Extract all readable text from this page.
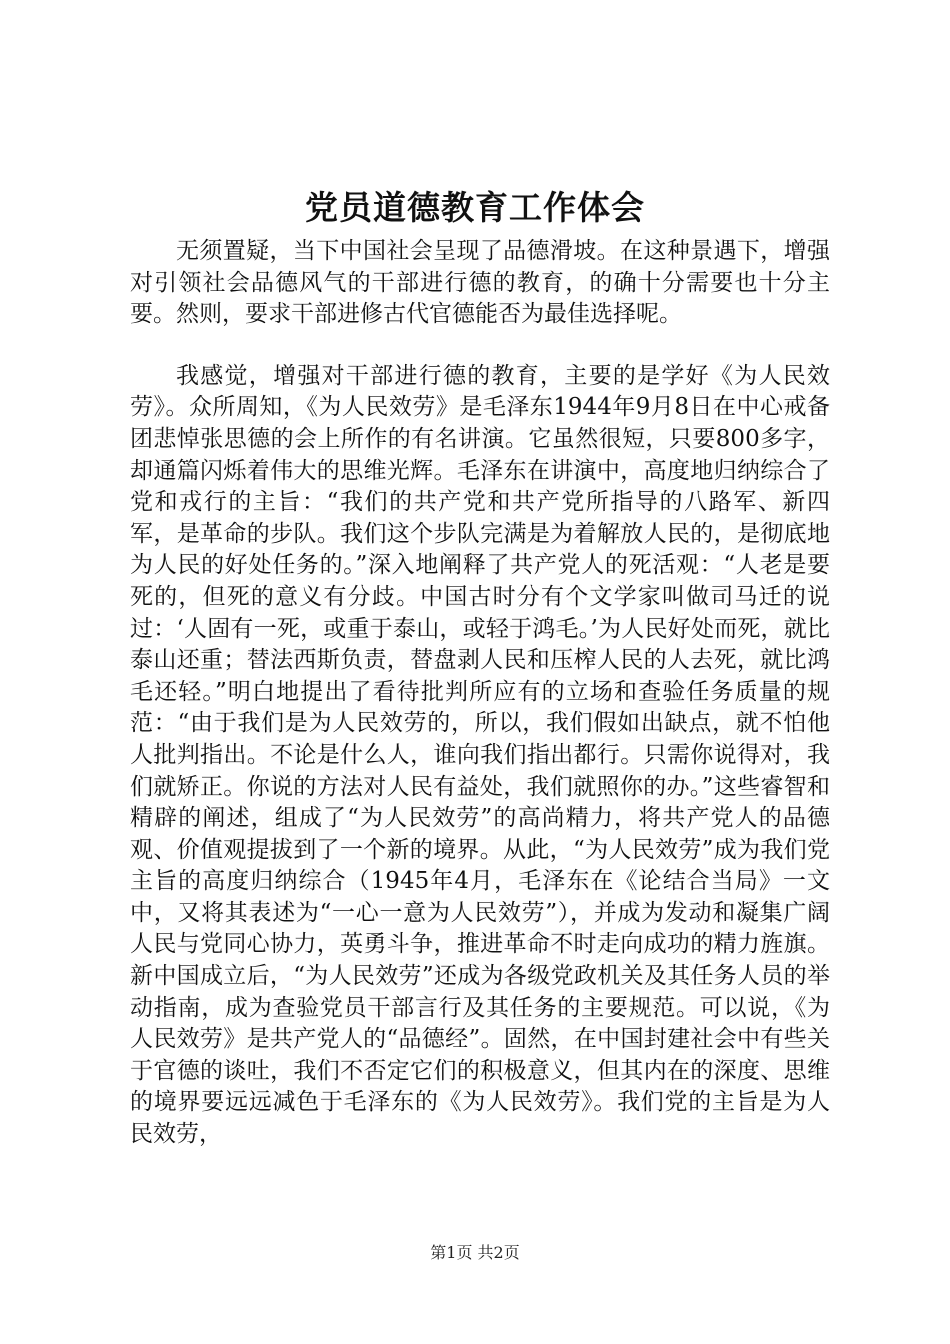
党员道德教育工作体会

无须置疑，当下中国社会呈现了品德滑坡。在这种景遇下，增强对引领社会品德风气的干部进行德的教育，的确十分需要也十分主要。然则，要求干部进修古代官德能否为最佳选择呢。

我感觉，增强对干部进行德的教育，主要的是学好《为人民效劳》。众所周知，《为人民效劳》是毛泽东1944年9月8日在中心戒备团悲悼张思德的会上所作的有名讲演。它虽然很短，只要800多字，却通篇闪烁着伟大的思维光辉。毛泽东在讲演中，高度地归纳综合了党和戎行的主旨：“我们的共产党和共产党所指导的八路军、新四军，是革命的步队。我们这个步队完满是为着解放人民的，是彻底地为人民的好处任务的。”深入地阐释了共产党人的死活观：“人老是要死的，但死的意义有分歧。中国古时分有个文学家叫做司马迁的说过：‘人固有一死，或重于泰山，或轻于鸿毛。’为人民好处而死，就比泰山还重；替法西斯负责，替盘剥人民和压榨人民的人去死，就比鸿毛还轻。”明白地提出了看待批判所应有的立场和查验任务质量的规范：“由于我们是为人民效劳的，所以，我们假如出缺点，就不怕他人批判指出。不论是什么人，谁向我们指出都行。只需你说得对，我们就矫正。你说的方法对人民有益处，我们就照你的办。”这些睿智和精辟的阐述，组成了“为人民效劳”的高尚精力，将共产党人的品德观、价值观提拔到了一个新的境界。从此，“为人民效劳”成为我们党主旨的高度归纳综合（1945年4月，毛泽东在《论结合当局》一文中，又将其表述为“一心一意为人民效劳”），并成为发动和凝集广阔人民与党同心协力，英勇斗争，推进革命不时走向成功的精力旌旗。新中国成立后，“为人民效劳”还成为各级党政机关及其任务人员的举动指南，成为查验党员干部言行及其任务的主要规范。可以说，《为人民效劳》是共产党人的“品德经”。固然，在中国封建社会中有些关于官德的谈吐，我们不否定它们的积极意义，但其内在的深度、思维的境界要远远减色于毛泽东的《为人民效劳》。我们党的主旨是为人民效劳，

第1页 共2页
